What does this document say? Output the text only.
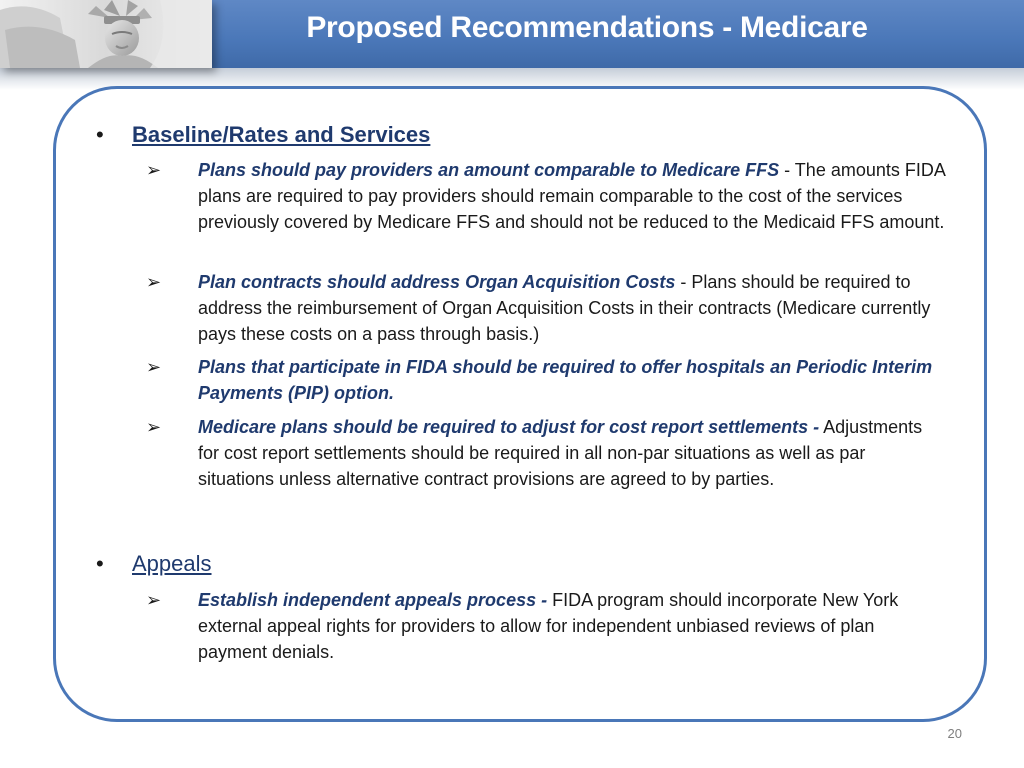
Proposed Recommendations - Medicare
• Baseline/Rates and Services
➢	Plans should pay providers an amount comparable to Medicare FFS - The amounts FIDA plans are required to pay providers should remain comparable to the cost of the services previously covered by Medicare FFS and should not be reduced to the Medicaid FFS amount.
➢	Plan contracts should address Organ Acquisition Costs - Plans should be required to address the reimbursement of Organ Acquisition Costs in their contracts (Medicare currently pays these costs on a pass through basis.)
➢	Plans that participate in FIDA should be required to offer hospitals an Periodic Interim Payments (PIP) option.
➢	Medicare plans should be required to adjust for cost report settlements - Adjustments for cost report settlements should be required in all non-par situations as well as par situations unless alternative contract provisions are agreed to by parties.
• Appeals
➢	Establish independent appeals process - FIDA program should incorporate New York external appeal rights for providers to allow for independent unbiased reviews of plan payment denials.
20
